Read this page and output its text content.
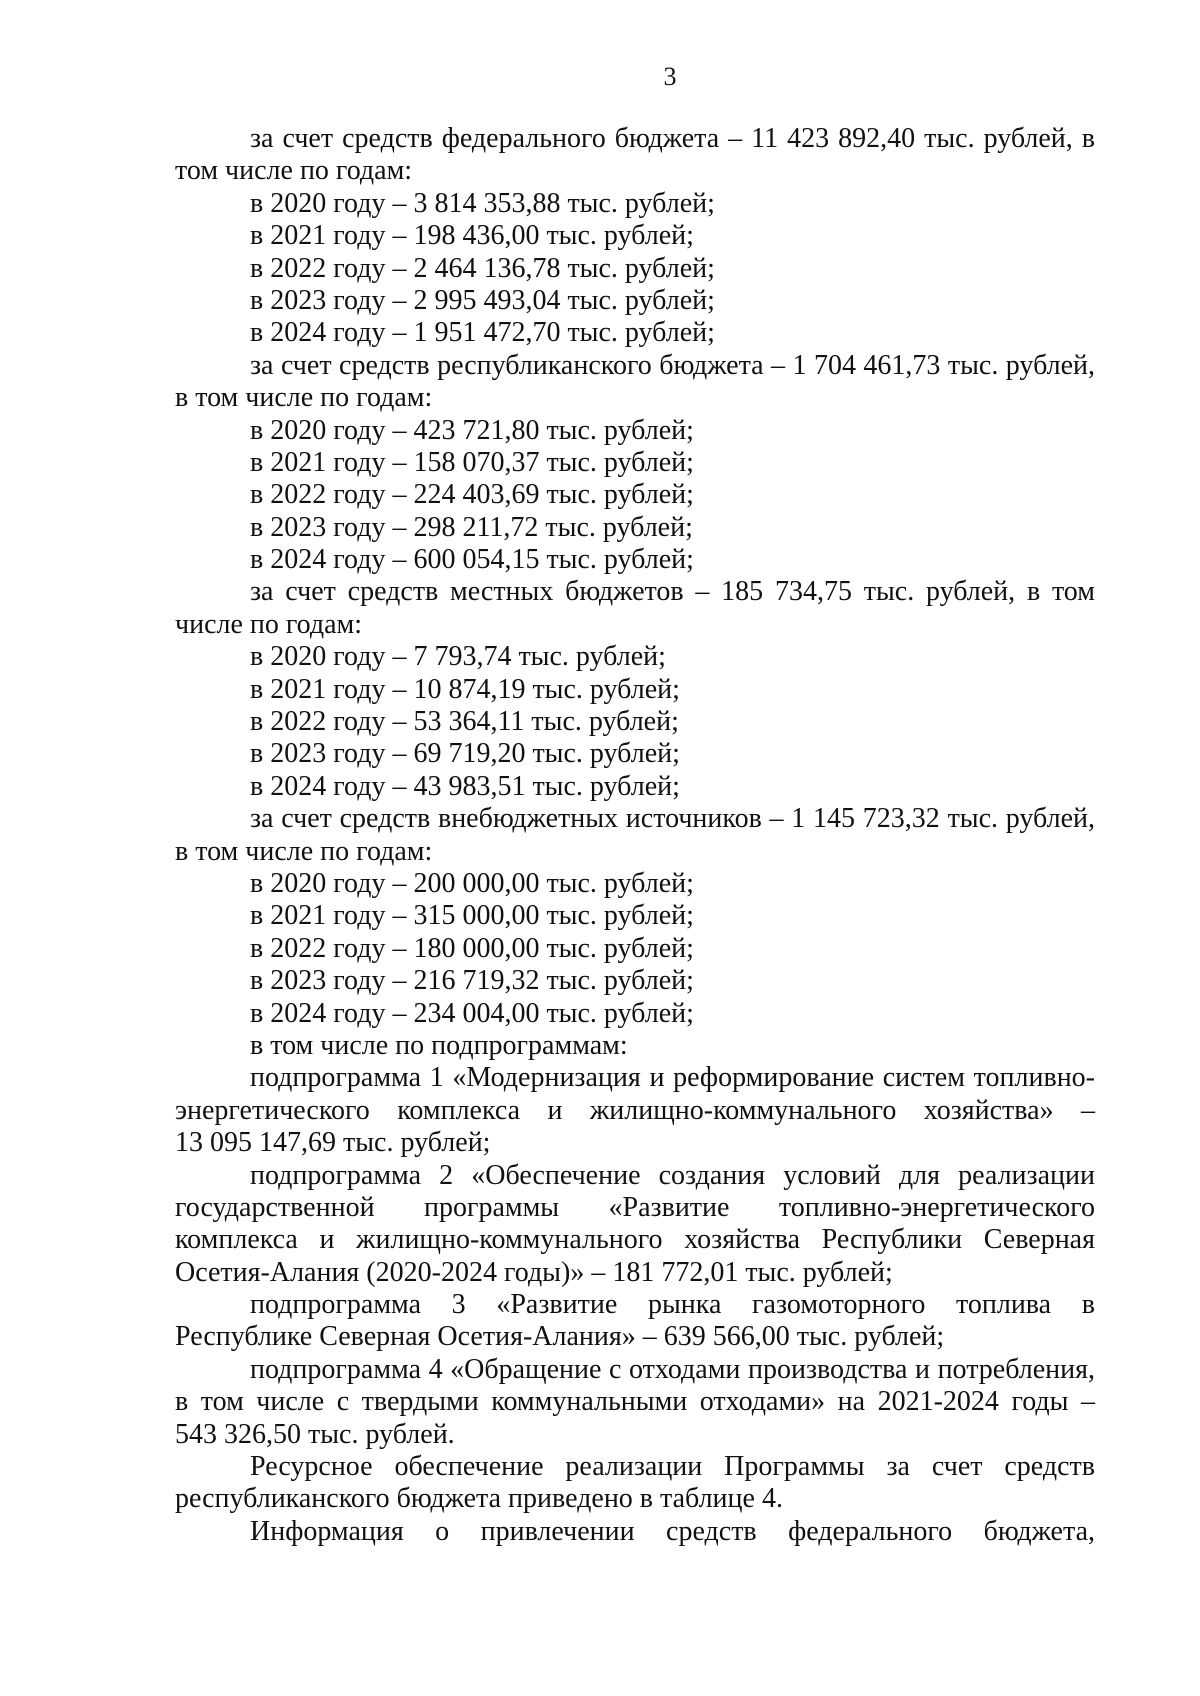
3
за счет средств федерального бюджета – 11 423 892,40 тыс. рублей, в
том числе по годам:
в 2020 году – 3 814 353,88 тыс. рублей;
в 2021 году – 198 436,00 тыс. рублей;
в 2022 году – 2 464 136,78 тыс. рублей;
в 2023 году – 2 995 493,04 тыс. рублей;
в 2024 году – 1 951 472,70 тыс. рублей;
за счет средств республиканского бюджета – 1 704 461,73 тыс. рублей,
в том числе по годам:
в 2020 году – 423 721,80 тыс. рублей;
в 2021 году – 158 070,37 тыс. рублей;
в 2022 году – 224 403,69 тыс. рублей;
в 2023 году – 298 211,72 тыс. рублей;
в 2024 году – 600 054,15 тыс. рублей;
за счет средств местных бюджетов – 185 734,75 тыс. рублей, в том
числе по годам:
в 2020 году – 7 793,74 тыс. рублей;
в 2021 году – 10 874,19 тыс. рублей;
в 2022 году – 53 364,11 тыс. рублей;
в 2023 году – 69 719,20 тыс. рублей;
в 2024 году – 43 983,51 тыс. рублей;
за счет средств внебюджетных источников – 1 145 723,32 тыс. рублей,
в том числе по годам:
в 2020 году – 200 000,00 тыс. рублей;
в 2021 году – 315 000,00 тыс. рублей;
в 2022 году – 180 000,00 тыс. рублей;
в 2023 году – 216 719,32 тыс. рублей;
в 2024 году – 234 004,00 тыс. рублей;
в том числе по подпрограммам:
подпрограмма 1 «Модернизация и реформирование систем топливно-
энергетического комплекса и жилищно-коммунального хозяйства» –
13 095 147,69 тыс. рублей;
подпрограмма 2 «Обеспечение создания условий для реализации
государственной программы «Развитие топливно-энергетического
комплекса и жилищно-коммунального хозяйства Республики Северная
Осетия-Алания (2020-2024 годы)» – 181 772,01 тыс. рублей;
подпрограмма 3 «Развитие рынка газомоторного топлива в
Республике Северная Осетия-Алания» – 639 566,00 тыс. рублей;
подпрограмма 4 «Обращение с отходами производства и потребления,
в том числе с твердыми коммунальными отходами» на 2021-2024 годы –
543 326,50 тыс. рублей.
Ресурсное обеспечение реализации Программы за счет средств
республиканского бюджета приведено в таблице 4.
Информация о привлечении средств федерального бюджета,
